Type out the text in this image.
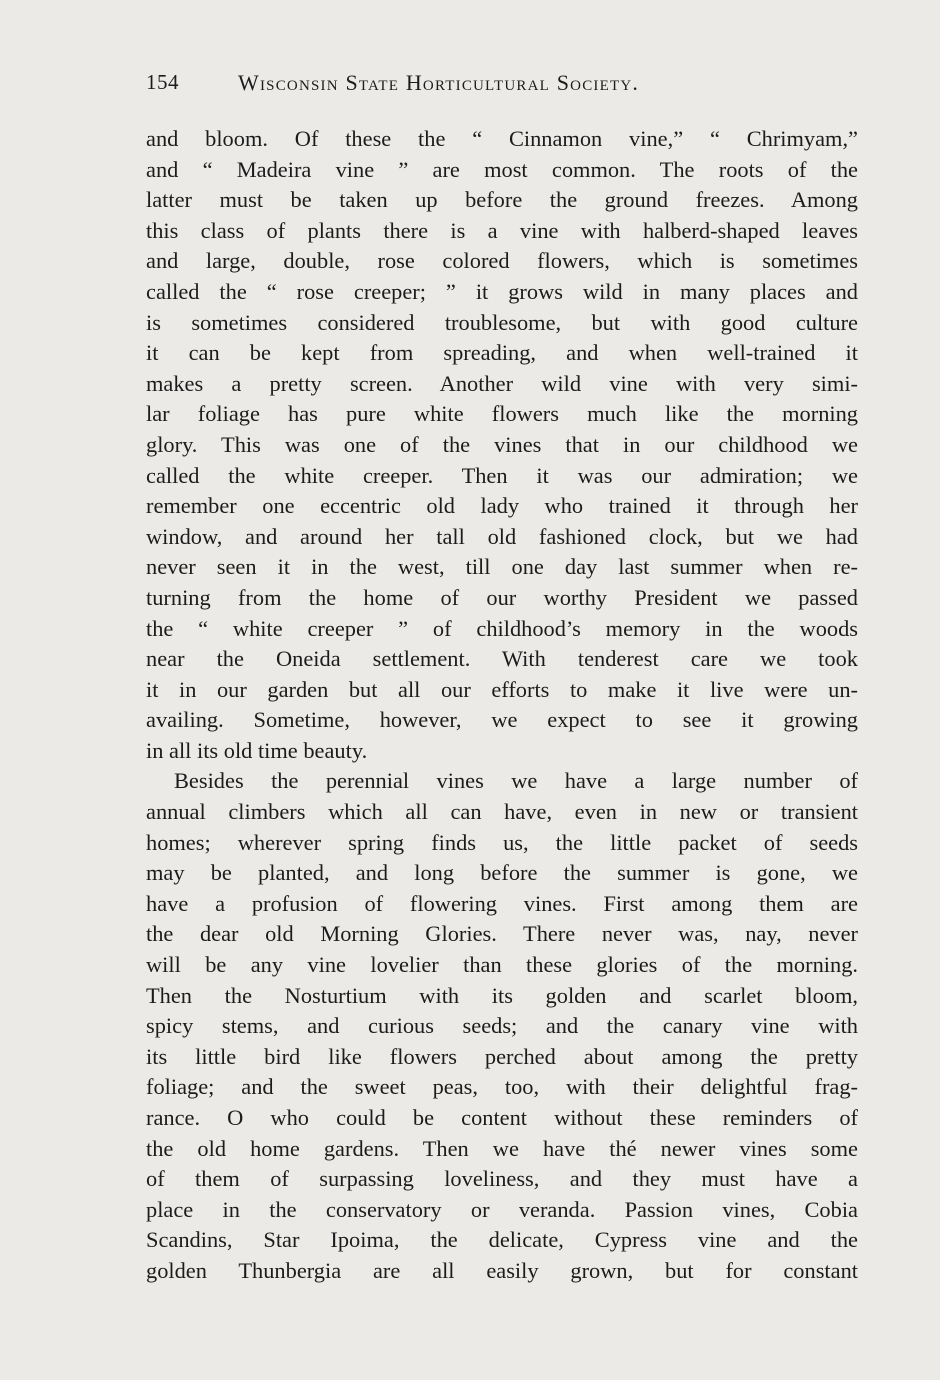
154	Wisconsin State Horticultural Society.
and bloom. Of these the “ Cinnamon vine,” “ Chrimyam,”
and “ Madeira vine ” are most common. The roots of the
latter must be taken up before the ground freezes. Among
this class of plants there is a vine with halberd-shaped leaves
and large, double, rose colored flowers, which is sometimes
called the “ rose creeper; ” it grows wild in many places and
is sometimes considered troublesome, but with good culture
it can be kept from spreading, and when well-trained it
makes a pretty screen. Another wild vine with very simi-
lar foliage has pure white flowers much like the morning
glory. This was one of the vines that in our childhood we
called the white creeper. Then it was our admiration; we
remember one eccentric old lady who trained it through her
window, and around her tall old fashioned clock, but we had
never seen it in the west, till one day last summer when re-
turning from the home of our worthy President we passed
the “ white creeper ” of childhood’s memory in the woods
near the Oneida settlement. With tenderest care we took
it in our garden but all our efforts to make it live were un-
availing. Sometime, however, we expect to see it growing
in all its old time beauty.
Besides the perennial vines we have a large number of
annual climbers which all can have, even in new or transient
homes; wherever spring finds us, the little packet of seeds
may be planted, and long before the summer is gone, we
have a profusion of flowering vines. First among them are
the dear old Morning Glories. There never was, nay, never
will be any vine lovelier than these glories of the morning.
Then the Nosturtium with its golden and scarlet bloom,
spicy stems, and curious seeds; and the canary vine with
its little bird like flowers perched about among the pretty
foliage; and the sweet peas, too, with their delightful frag-
rance. O who could be content without these reminders of
the old home gardens. Then we have thé newer vines some
of them of surpassing loveliness, and they must have a
place in the conservatory or veranda. Passion vines, Cobia
Scandins, Star Ipoima, the delicate, Cypress vine and the
golden Thunbergia are all easily grown, but for constant
